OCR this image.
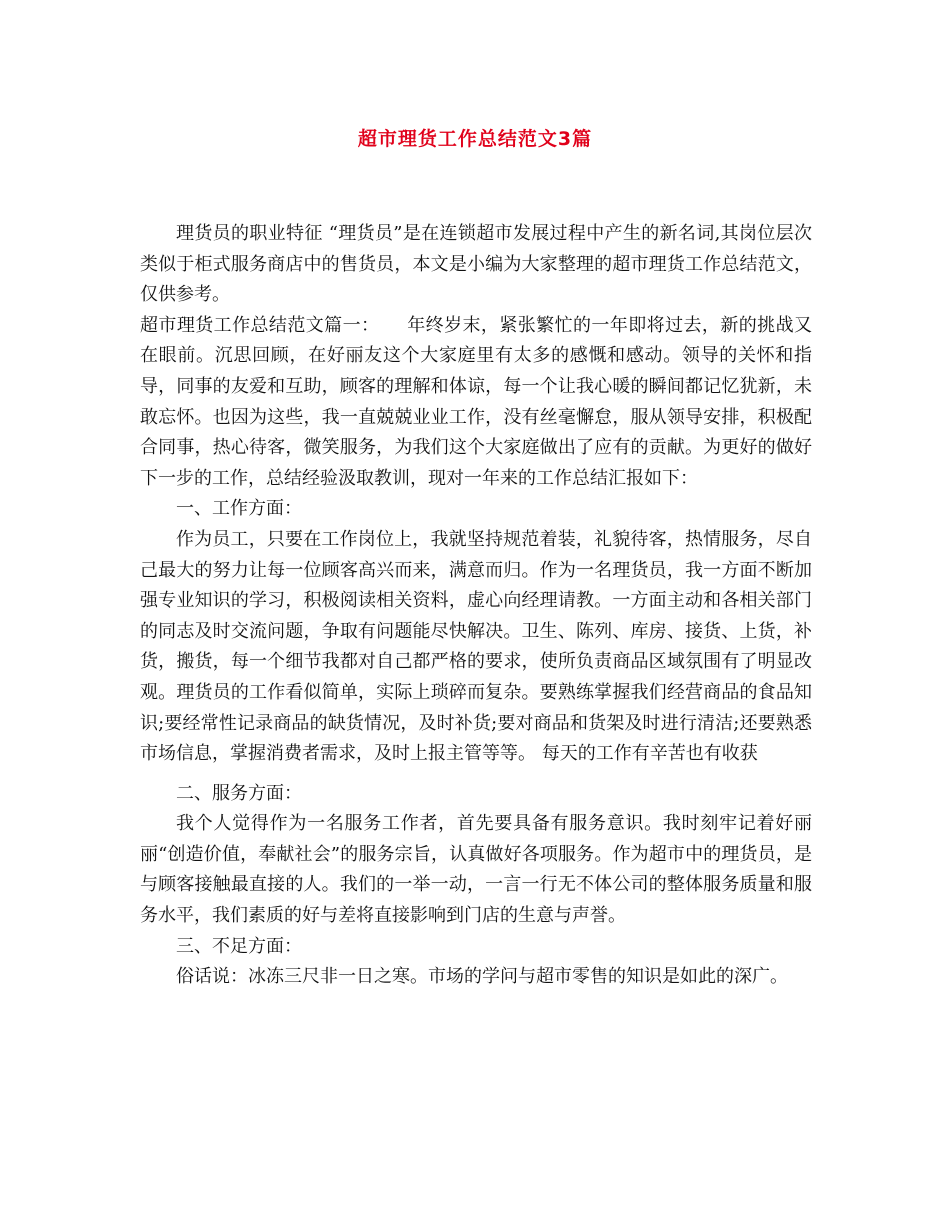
超市理货工作总结范文3篇

理货员的职业特征 “理货员”是在连锁超市发展过程中产生的新名词,其岗位层次类似于柜式服务商店中的售货员，本文是小编为大家整理的超市理货工作总结范文，仅供参考。

超市理货工作总结范文篇一：　　年终岁末，紧张繁忙的一年即将过去，新的挑战又在眼前。沉思回顾，在好丽友这个大家庭里有太多的感慨和感动。领导的关怀和指导，同事的友爱和互助，顾客的理解和体谅，每一个让我心暖的瞬间都记忆犹新，未敢忘怀。也因为这些，我一直兢兢业业工作，没有丝毫懈怠，服从领导安排，积极配合同事，热心待客，微笑服务，为我们这个大家庭做出了应有的贡献。为更好的做好下一步的工作，总结经验汲取教训，现对一年来的工作总结汇报如下：

一、工作方面：

作为员工，只要在工作岗位上，我就坚持规范着装，礼貌待客，热情服务，尽自己最大的努力让每一位顾客高兴而来，满意而归。作为一名理货员，我一方面不断加强专业知识的学习，积极阅读相关资料，虚心向经理请教。一方面主动和各相关部门的同志及时交流问题，争取有问题能尽快解决。卫生、陈列、库房、接货、上货，补货，搬货，每一个细节我都对自己都严格的要求，使所负责商品区域氛围有了明显改观。理货员的工作看似简单，实际上琐碎而复杂。要熟练掌握我们经营商品的食品知识;要经常性记录商品的缺货情况，及时补货;要对商品和货架及时进行清洁;还要熟悉市场信息，掌握消费者需求，及时上报主管等等。 每天的工作有辛苦也有收获

二、服务方面：

我个人觉得作为一名服务工作者，首先要具备有服务意识。我时刻牢记着好丽丽“创造价值，奉献社会”的服务宗旨，认真做好各项服务。作为超市中的理货员，是与顾客接触最直接的人。我们的一举一动，一言一行无不体公司的整体服务质量和服务水平，我们素质的好与差将直接影响到门店的生意与声誉。

三、不足方面：

俗话说：冰冻三尺非一日之寒。市场的学问与超市零售的知识是如此的深广。
